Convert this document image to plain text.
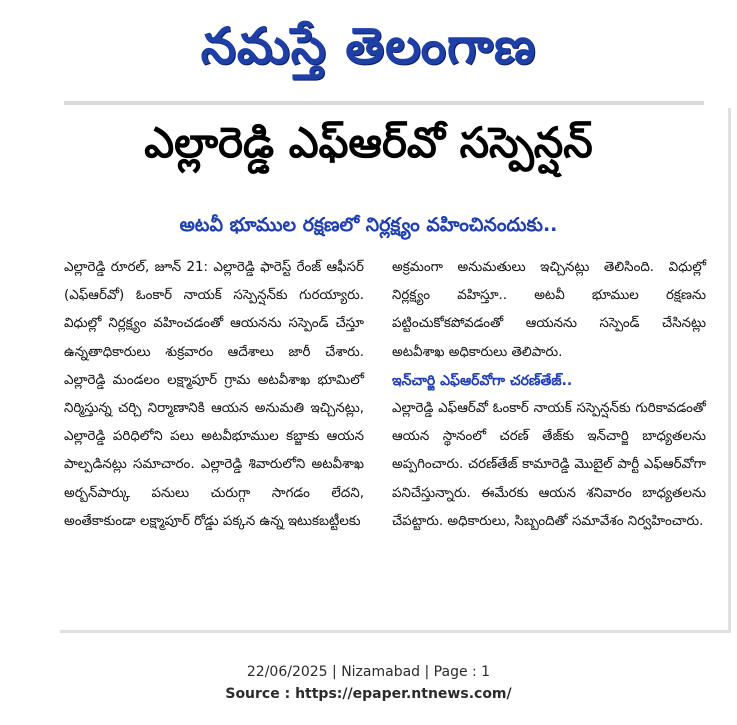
నమస్తే తెలంగాణ
ఎల్లారెడ్డి ఎఫ్‌ఆర్‌వో సస్పెన్షన్
అటవీ భూముల రక్షణలో నిర్లక్ష్యం వహించినందుకు..

ఎల్లారెడ్డి రూరల్, జూన్ 21: ఎల్లారెడ్డి ఫారెస్ట్ రేంజ్ ఆఫీసర్ (ఎఫ్‌ఆర్‌వో) ఓంకార్ నాయక్ సస్పెన్షన్‌కు గురయ్యారు. విధుల్లో నిర్లక్ష్యం వహించడంతో ఆయనను సస్పెండ్ చేస్తూ ఉన్నతాధికారులు శుక్రవారం ఆదేశాలు జారీ చేశారు. ఎల్లారెడ్డి మండలం లక్ష్మాపూర్ గ్రామ అటవీశాఖ భూమిలో నిర్మిస్తున్న చర్చి నిర్మాణానికి ఆయన అనుమతి ఇచ్చినట్లు, ఎల్లారెడ్డి పరిధిలోని పలు అటవీభూముల కబ్జాకు ఆయన పాల్పడినట్లు సమాచారం. ఎల్లారెడ్డి శివారులోని అటవీశాఖ అర్బన్‌పార్కు పనులు చురుగ్గా సాగడం లేదని, అంతేకాకుండా లక్ష్మాపూర్ రోడ్డు పక్కన ఉన్న ఇటుకబట్టీలకు

అక్రమంగా అనుమతులు ఇచ్చినట్లు తెలిసింది. విధుల్లో నిర్లక్ష్యం వహిస్తూ.. అటవీ భూముల రక్షణను పట్టించుకోకపోవడంతో ఆయనను సస్పెండ్ చేసినట్లు అటవీశాఖ అధికారులు తెలిపారు.

ఇన్‌చార్జి ఎఫ్‌ఆర్‌వోగా చరణ్‌తేజ్..

ఎల్లారెడ్డి ఎఫ్‌ఆర్‌వో ఓంకార్ నాయక్ సస్పెన్షన్‌కు గురికావడంతో ఆయన స్థానంలో చరణ్ తేజ్‌కు ఇన్‌చార్జి బాధ్యతలను అప్పగించారు. చరణ్‌తేజ్ కామారెడ్డి మొబైల్ పార్టీ ఎఫ్‌ఆర్‌వోగా పనిచేస్తున్నారు. ఈమేరకు ఆయన శనివారం బాధ్యతలను చేపట్టారు. అధికారులు, సిబ్బందితో సమావేశం నిర్వహించారు.

22/06/2025 | Nizamabad | Page : 1
Source : https://epaper.ntnews.com/
